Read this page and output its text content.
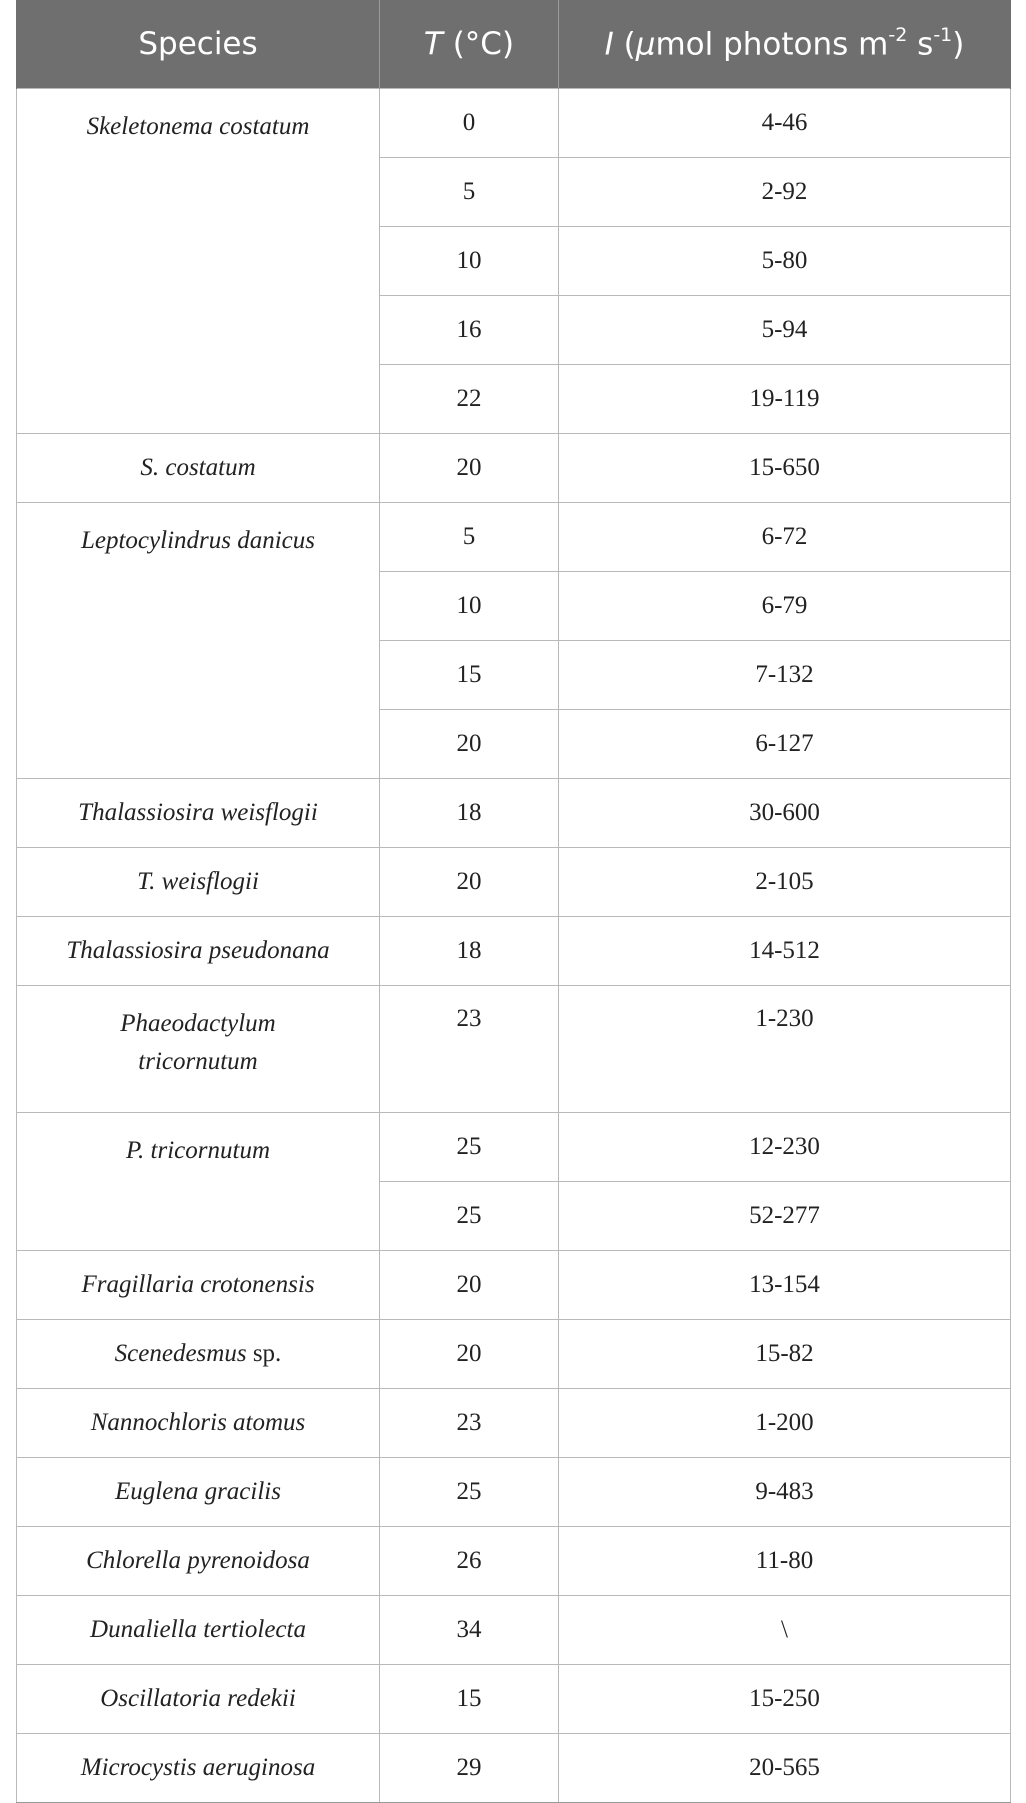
Species	T (°C)	I (μmol photons $m^{-2}$ $s^{-1}$)
Skeletonema costatum	0	4-46
	5	2-92
	10	5-80
	16	5-94
	22	19-119
S. costatum	20	15-650
Leptocylindrus danicus	5	6-72
	10	6-79
	15	7-132
	20	6-127
Thalassiosira weisflogii	18	30-600
T. weisflogii	20	2-105
Thalassiosira pseudonana	18	14-512
Phaeodactylum
tricornutum	23	1-230
P. tricornutum	25	12-230
	25	52-277
Fragillaria crotonensis	20	13-154
Scenedesmus sp.	20	15-82
Nannochloris atomus	23	1-200
Euglena gracilis	25	9-483
Chlorella pyrenoidosa	26	11-80
Dunaliella tertiolecta	34	\
Oscillatoria redekii	15	15-250
Microcystis aeruginosa	29	20-565
